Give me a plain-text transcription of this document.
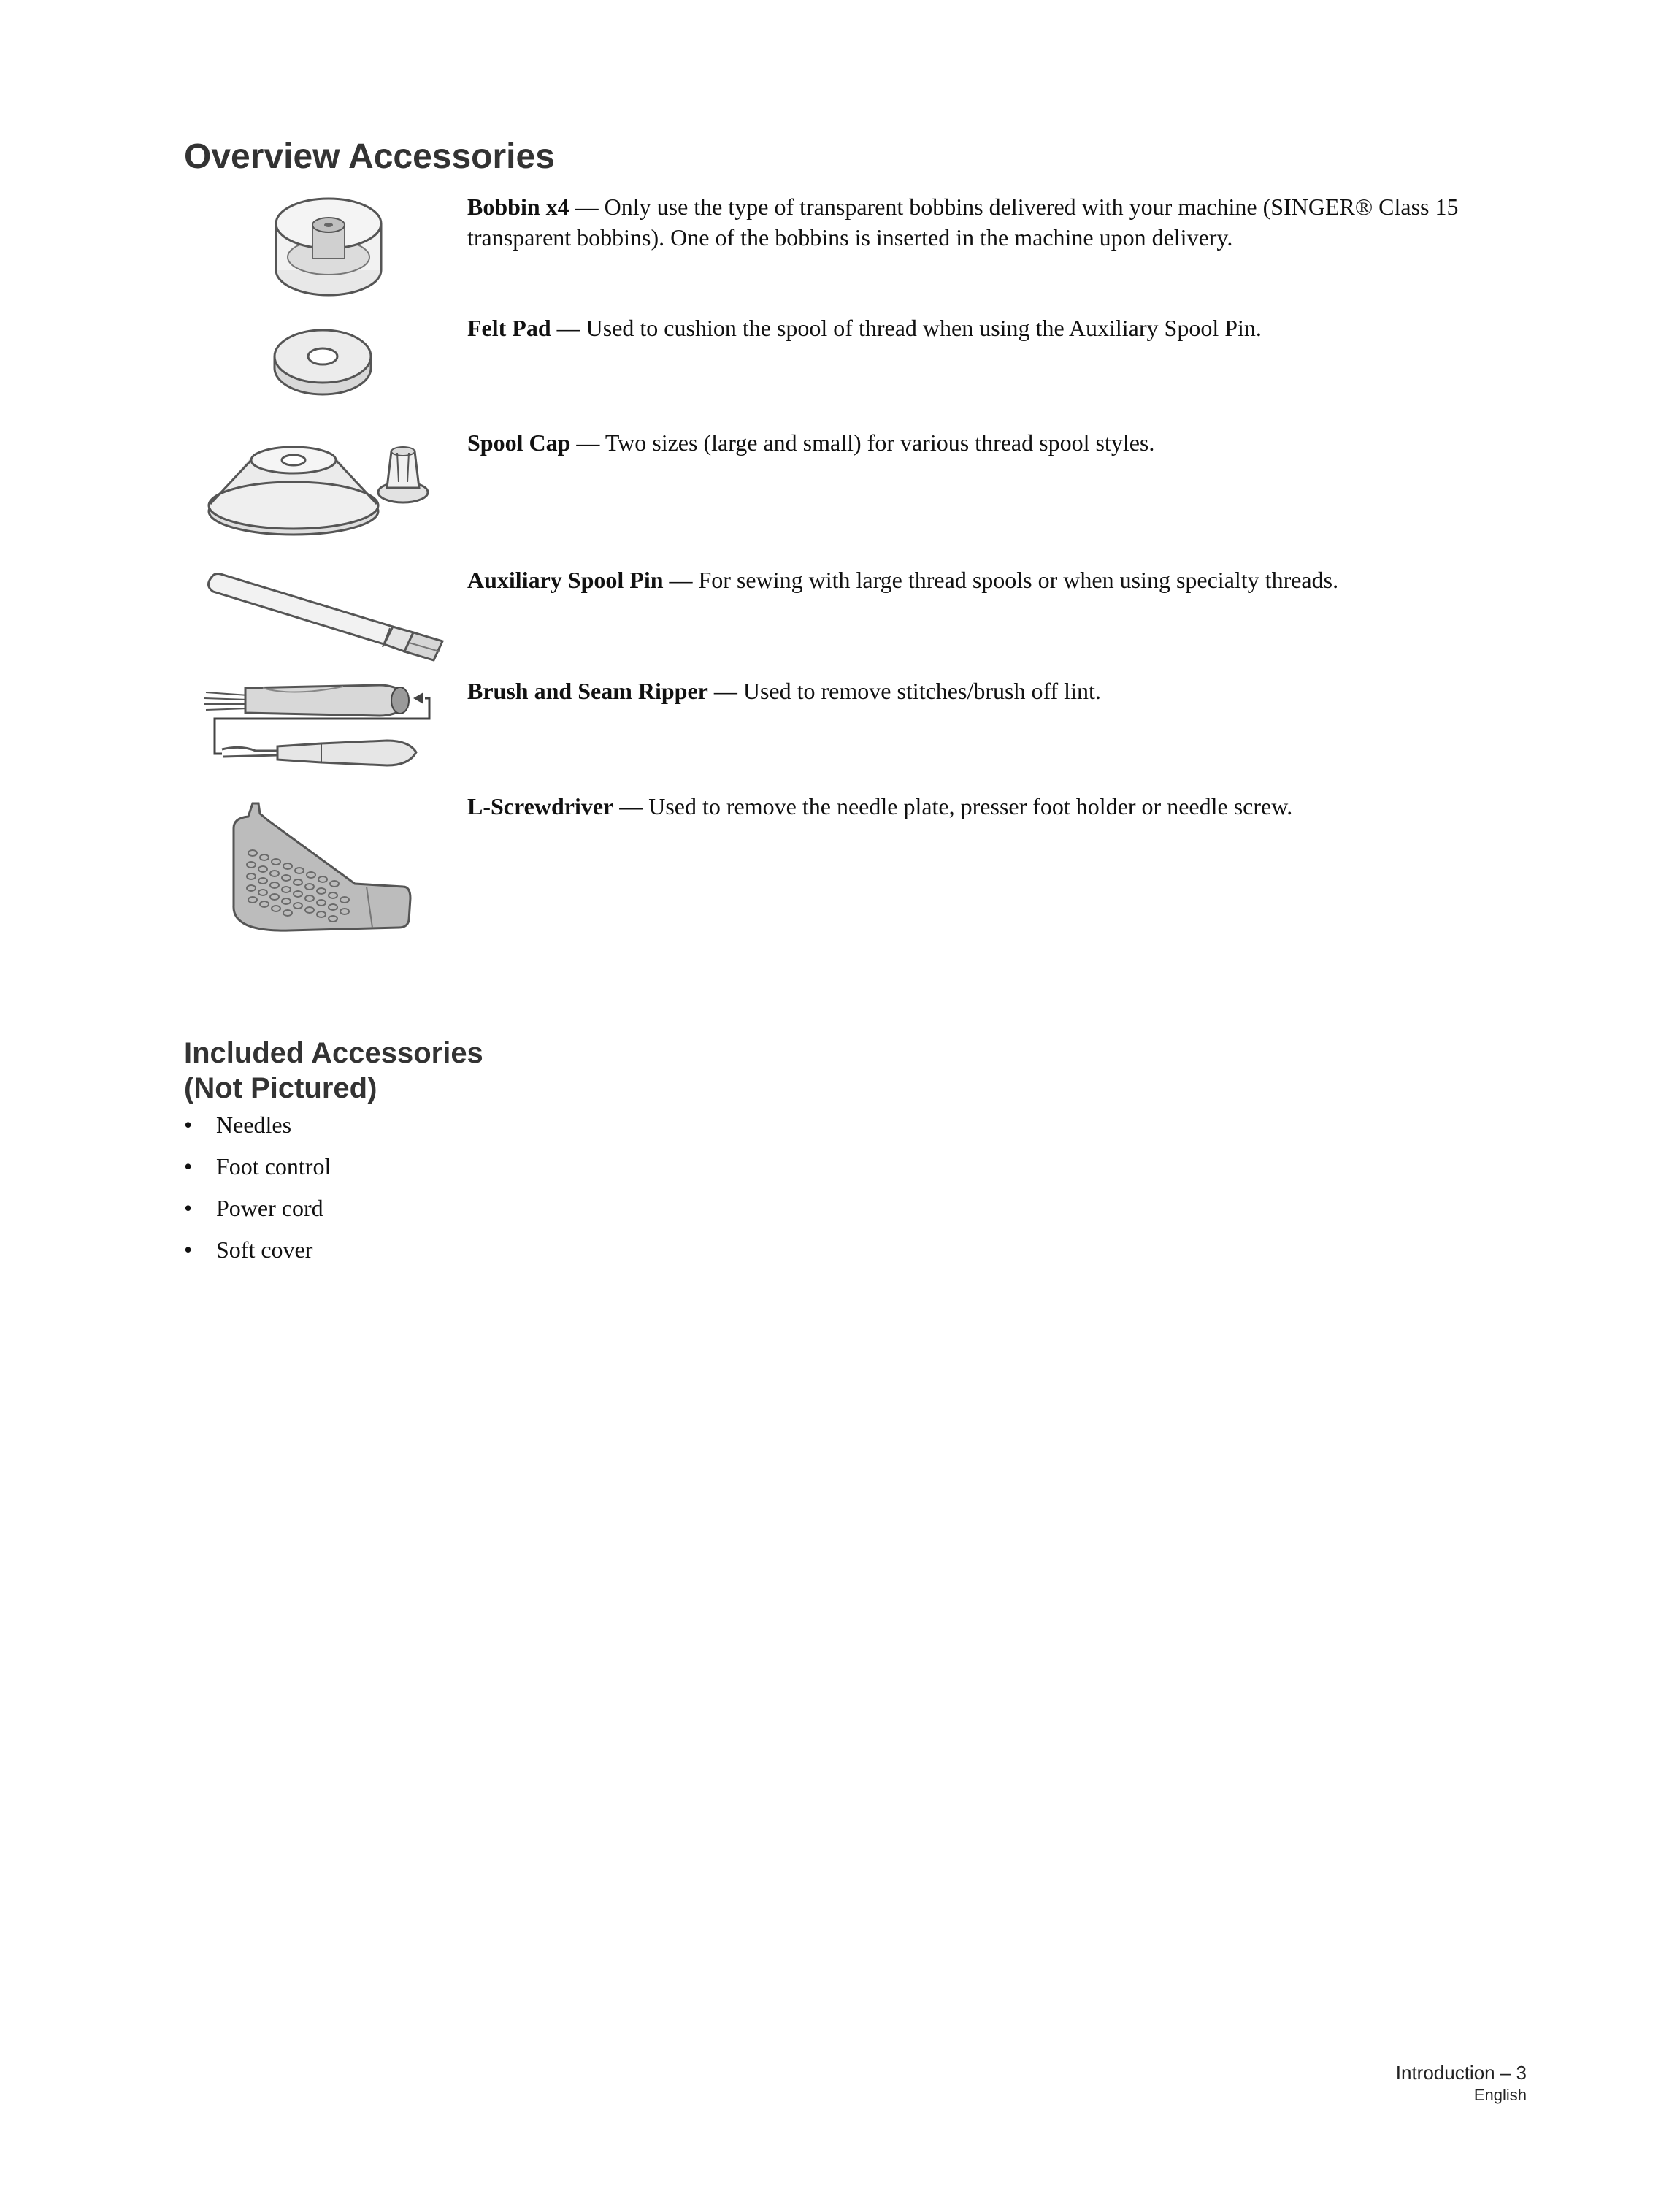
Overview Accessories
Bobbin x4 — Only use the type of transparent bobbins delivered with your machine (SINGER® Class 15 transparent bobbins). One of the bobbins is inserted in the machine upon delivery.
Felt Pad — Used to cushion the spool of thread when using the Auxiliary Spool Pin.
Spool Cap — Two sizes (large and small) for various thread spool styles.
Auxiliary Spool Pin — For sewing with large thread spools or when using specialty threads.
Brush and Seam Ripper — Used to remove stitches/brush off lint.
L-Screwdriver — Used to remove the needle plate, presser foot holder or needle screw.
Included Accessories
(Not Pictured)
• Needles
• Foot control
• Power cord
• Soft cover
Introduction – 3
English
